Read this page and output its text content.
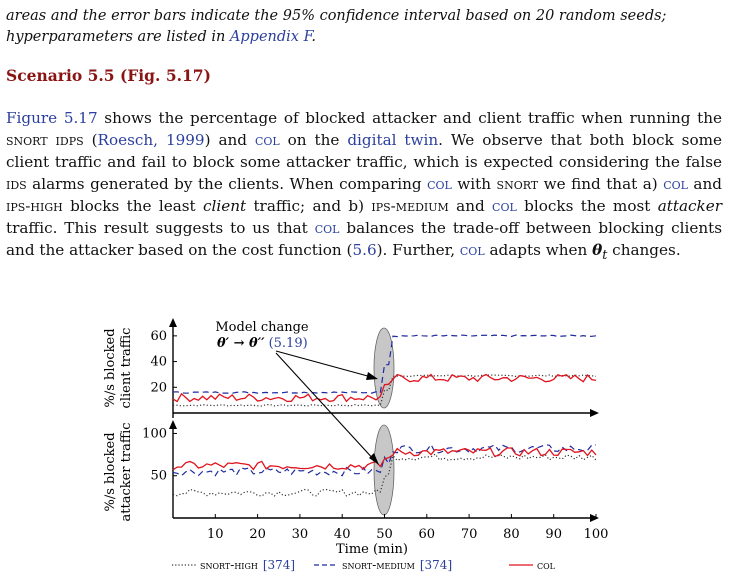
areas and the error bars indicate the 95% confidence interval based on 20 random seeds;
hyperparameters are listed in Appendix F.
Scenario 5.5 (Fig. 5.17)
Figure 5.17 shows the percentage of blocked attacker and client traffic when running the snort idps (Roesch, 1999) and col on the digital twin. We observe that both block some client traffic and fail to block some attacker traffic, which is expected considering the false ids alarms generated by the clients. When comparing col with snort we find that a) col and ips-high blocks the least client traffic; and b) ips-medium and col blocks the most attacker traffic. This result suggests to us that col balances the trade-off between blocking clients and the attacker based on the cost function (5.6). Further, col adapts when $\theta_t$ changes.
20
40
60
50
100
10 20 30 40 50 60 70 80 90 100
%/s blocked client traffic
%/s blocked attacker traffic
Model change
θ′ → θ′′ (5.19)
Time (min)
snort-high [374]	snort-medium [374]	col
